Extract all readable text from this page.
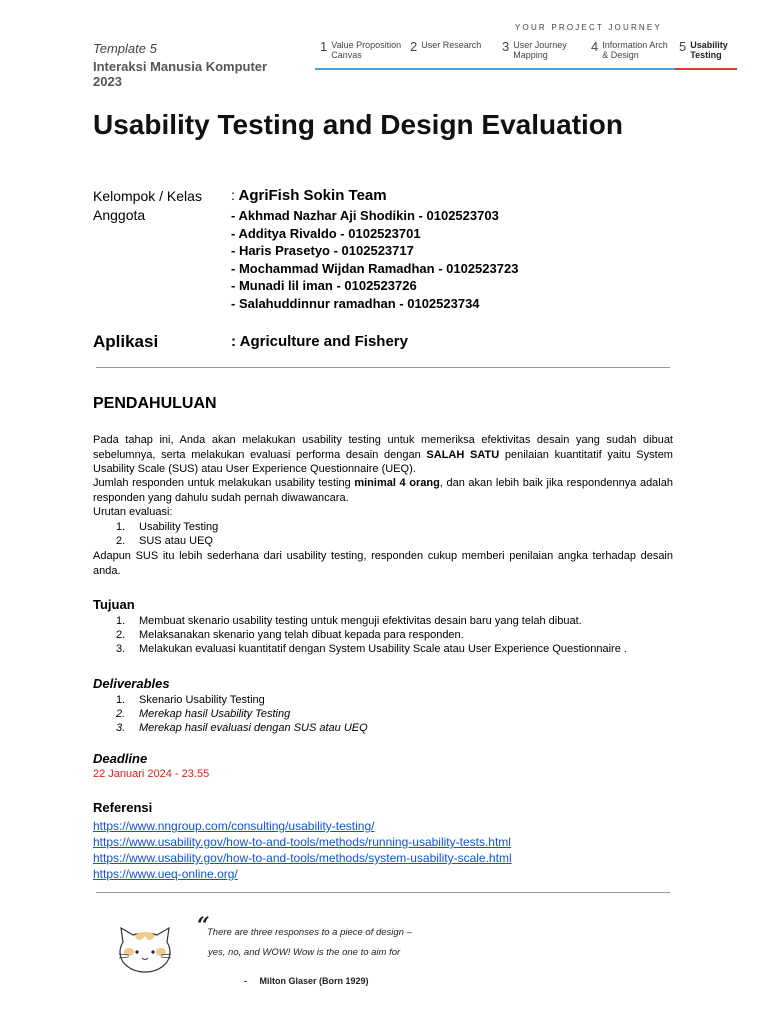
Template 5
Interaksi Manusia Komputer 2023
YOUR PROJECT JOURNEY
1 Value Proposition Canvas
2 User Research	3 User Journey Mapping
4 Information Arch & Design
5 Usability Testing
Usability Testing and Design Evaluation
Kelompok / Kelas : AgriFish Sokin Team
Anggota	- Akhmad Nazhar Aji Shodikin - 0102523703
- Additya Rivaldo - 0102523701
- Haris Prasetyo - 0102523717
- Mochammad Wijdan Ramadhan - 0102523723
- Munadi lil iman - 0102523726
- Salahuddinnur ramadhan - 0102523734
Aplikasi	: Agriculture and Fishery
PENDAHULUAN
Pada tahap ini, Anda akan melakukan usability testing untuk memeriksa efektivitas desain yang sudah dibuat sebelumnya, serta melakukan evaluasi performa desain dengan SALAH SATU penilaian kuantitatif yaitu System Usability Scale (SUS) atau User Experience Questionnaire (UEQ).
Jumlah responden untuk melakukan usability testing minimal 4 orang, dan akan lebih baik jika respondennya adalah responden yang dahulu sudah pernah diwawancara.
Urutan evaluasi:
1. Usability Testing
2. SUS atau UEQ
Adapun SUS itu lebih sederhana dari usability testing, responden cukup memberi penilaian angka terhadap desain anda.
Tujuan
1. Membuat skenario usability testing untuk menguji efektivitas desain baru yang telah dibuat.
2. Melaksanakan skenario yang telah dibuat kepada para responden.
3. Melakukan evaluasi kuantitatif dengan System Usability Scale atau User Experience Questionnaire .
Deliverables
1. Skenario Usability Testing
2. Merekap hasil Usability Testing
3. Merekap hasil evaluasi dengan SUS atau UEQ
Deadline
22 Januari 2024 - 23.55
Referensi
https://www.nngroup.com/consulting/usability-testing/
https://www.usability.gov/how-to-and-tools/methods/running-usability-tests.html
https://www.usability.gov/how-to-and-tools/methods/system-usability-scale.html
https://www.ueq-online.org/
“
There are three responses to a piece of design –
yes, no, and WOW! Wow is the one to aim for
- Milton Glaser (Born 1929)
